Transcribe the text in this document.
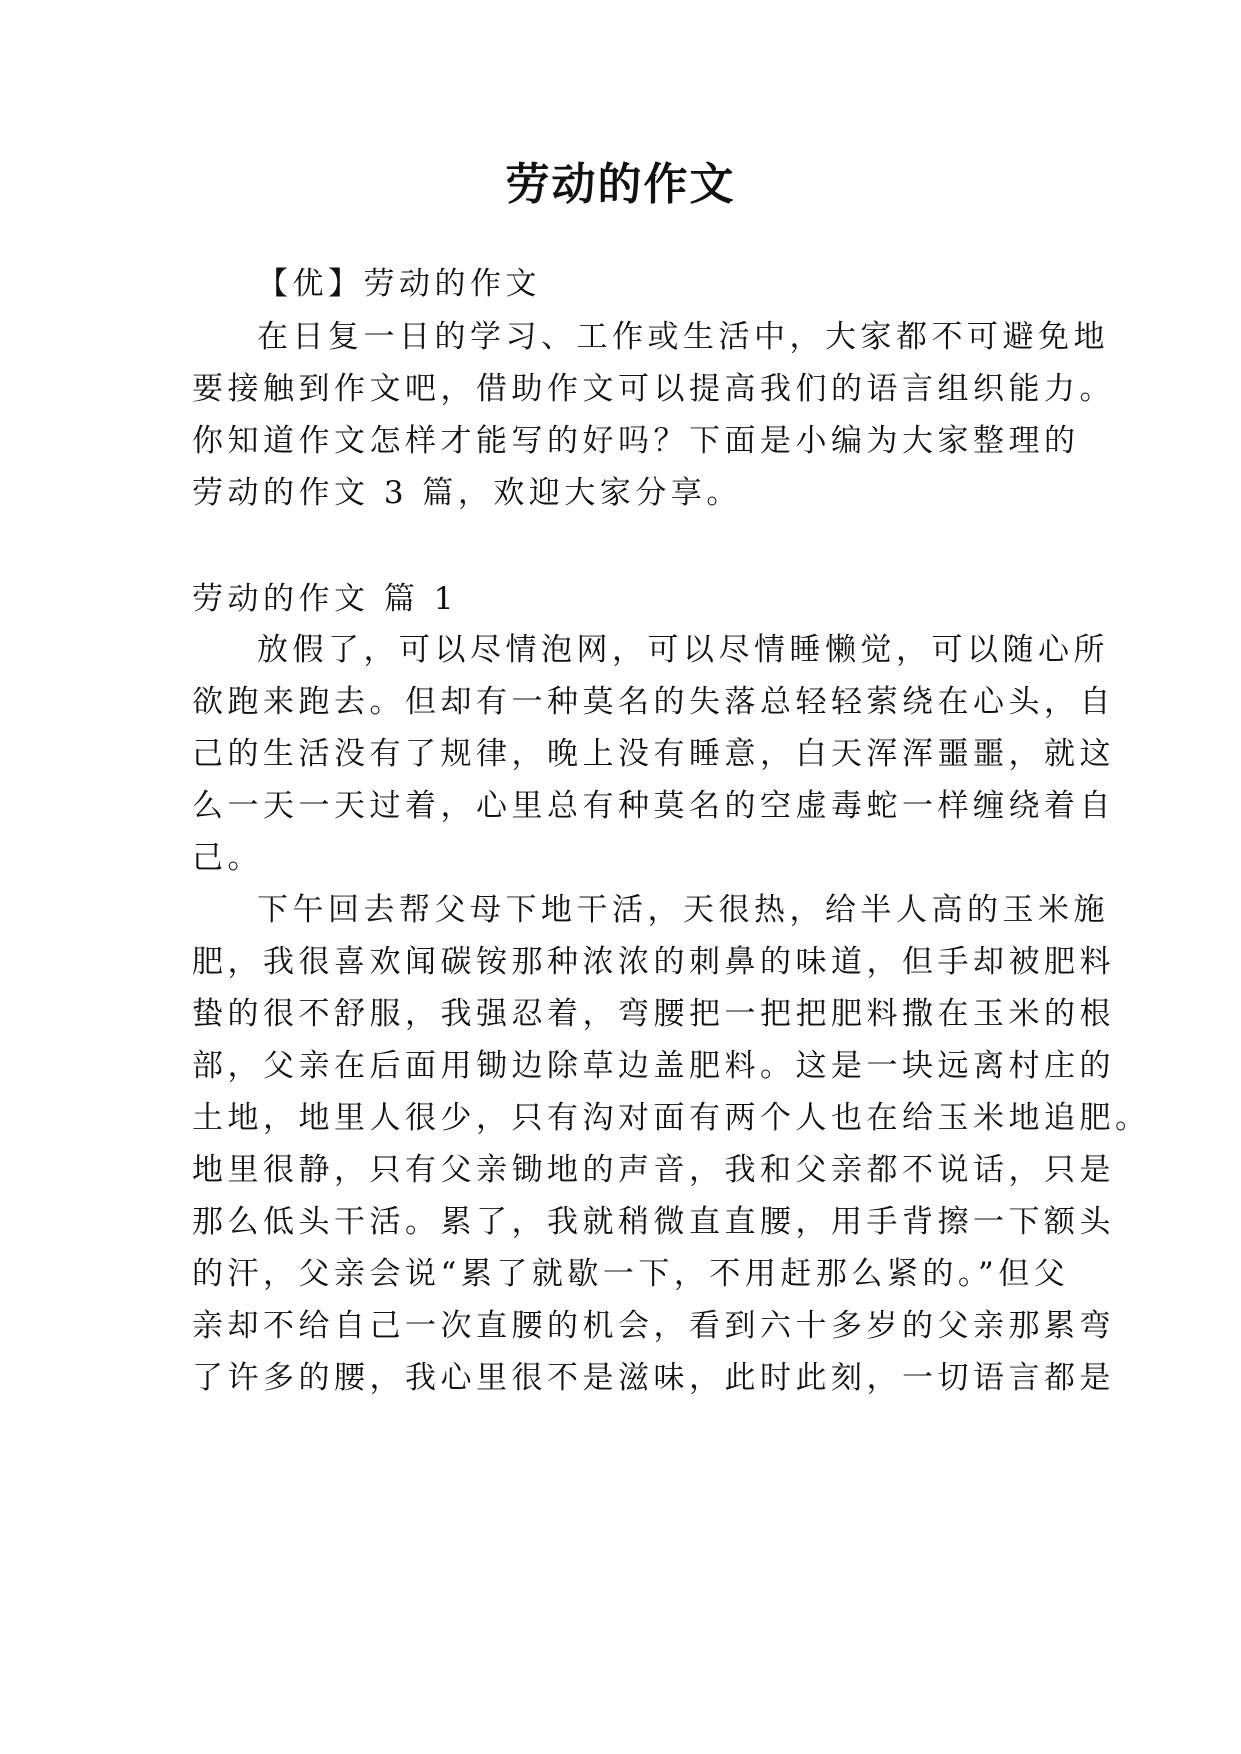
劳动的作文
【优】劳动的作文
在日复一日的学习、工作或生活中，大家都不可避免地
要接触到作文吧，借助作文可以提高我们的语言组织能力。
你知道作文怎样才能写的好吗？下面是小编为大家整理的
劳动的作文 3 篇，欢迎大家分享。
劳动的作文 篇 1
放假了，可以尽情泡网，可以尽情睡懒觉，可以随心所
欲跑来跑去。但却有一种莫名的失落总轻轻萦绕在心头，自
己的生活没有了规律，晚上没有睡意，白天浑浑噩噩，就这
么一天一天过着，心里总有种莫名的空虚毒蛇一样缠绕着自
己。
下午回去帮父母下地干活，天很热，给半人高的玉米施
肥，我很喜欢闻碳铵那种浓浓的刺鼻的味道，但手却被肥料
蛰的很不舒服，我强忍着，弯腰把一把把肥料撒在玉米的根
部，父亲在后面用锄边除草边盖肥料。这是一块远离村庄的
土地，地里人很少，只有沟对面有两个人也在给玉米地追肥。
地里很静，只有父亲锄地的声音，我和父亲都不说话，只是
那么低头干活。累了，我就稍微直直腰，用手背擦一下额头
的汗，父亲会说“累了就歇一下，不用赶那么紧的。”但父
亲却不给自己一次直腰的机会，看到六十多岁的父亲那累弯
了许多的腰，我心里很不是滋味，此时此刻，一切语言都是
